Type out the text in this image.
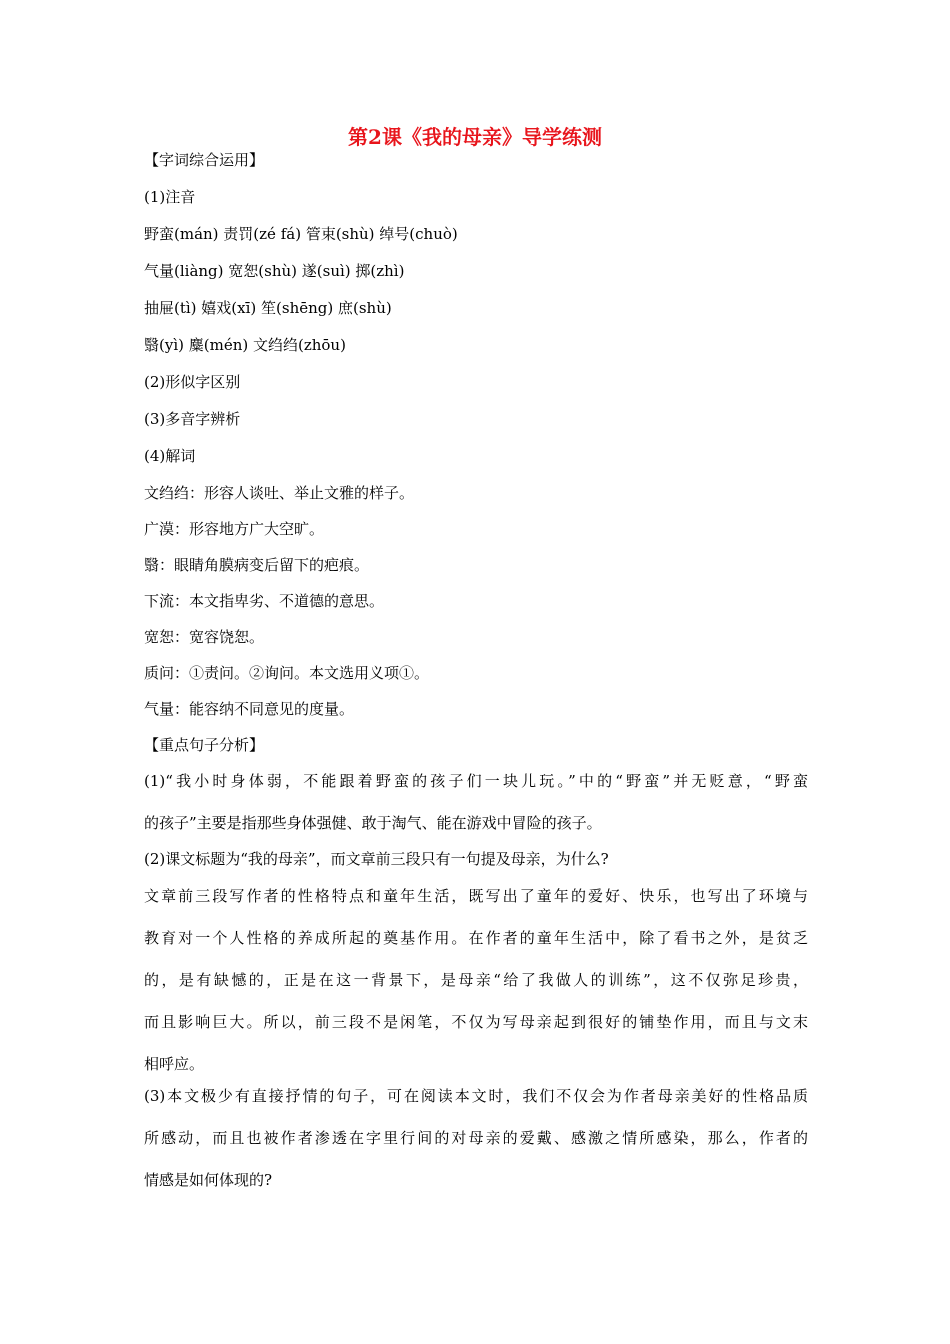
第2课《我的母亲》导学练测
【字词综合运用】
(1)注音
野蛮(mán) 责罚(zé fá) 管束(shù) 绰号(chuò)
气量(liàng) 宽恕(shù) 遂(suì) 掷(zhì)
抽屉(tì) 嬉戏(xī) 笙(shēng) 庶(shù)
翳(yì) 麋(mén) 文绉绉(zhōu)
(2)形似字区别
(3)多音字辨析
(4)解词
文绉绉：形容人谈吐、举止文雅的样子。
广漠：形容地方广大空旷。
翳：眼睛角膜病变后留下的疤痕。
下流：本文指卑劣、不道德的意思。
宽恕：宽容饶恕。
质问：①责问。②询问。本文选用义项①。
气量：能容纳不同意见的度量。
【重点句子分析】
(1)“我小时身体弱，不能跟着野蛮的孩子们一块儿玩。”中的“野蛮”并无贬意，“野蛮
的孩子”主要是指那些身体强健、敢于淘气、能在游戏中冒险的孩子。
(2)课文标题为“我的母亲”，而文章前三段只有一句提及母亲，为什么?
文章前三段写作者的性格特点和童年生活，既写出了童年的爱好、快乐，也写出了环境与
教育对一个人性格的养成所起的奠基作用。在作者的童年生活中，除了看书之外，是贫乏
的，是有缺憾的，正是在这一背景下，是母亲“给了我做人的训练”，这不仅弥足珍贵，
而且影响巨大。所以，前三段不是闲笔，不仅为写母亲起到很好的铺垫作用，而且与文末
相呼应。
(3)本文极少有直接抒情的句子，可在阅读本文时，我们不仅会为作者母亲美好的性格品质
所感动，而且也被作者渗透在字里行间的对母亲的爱戴、感激之情所感染，那么，作者的
情感是如何体现的?
